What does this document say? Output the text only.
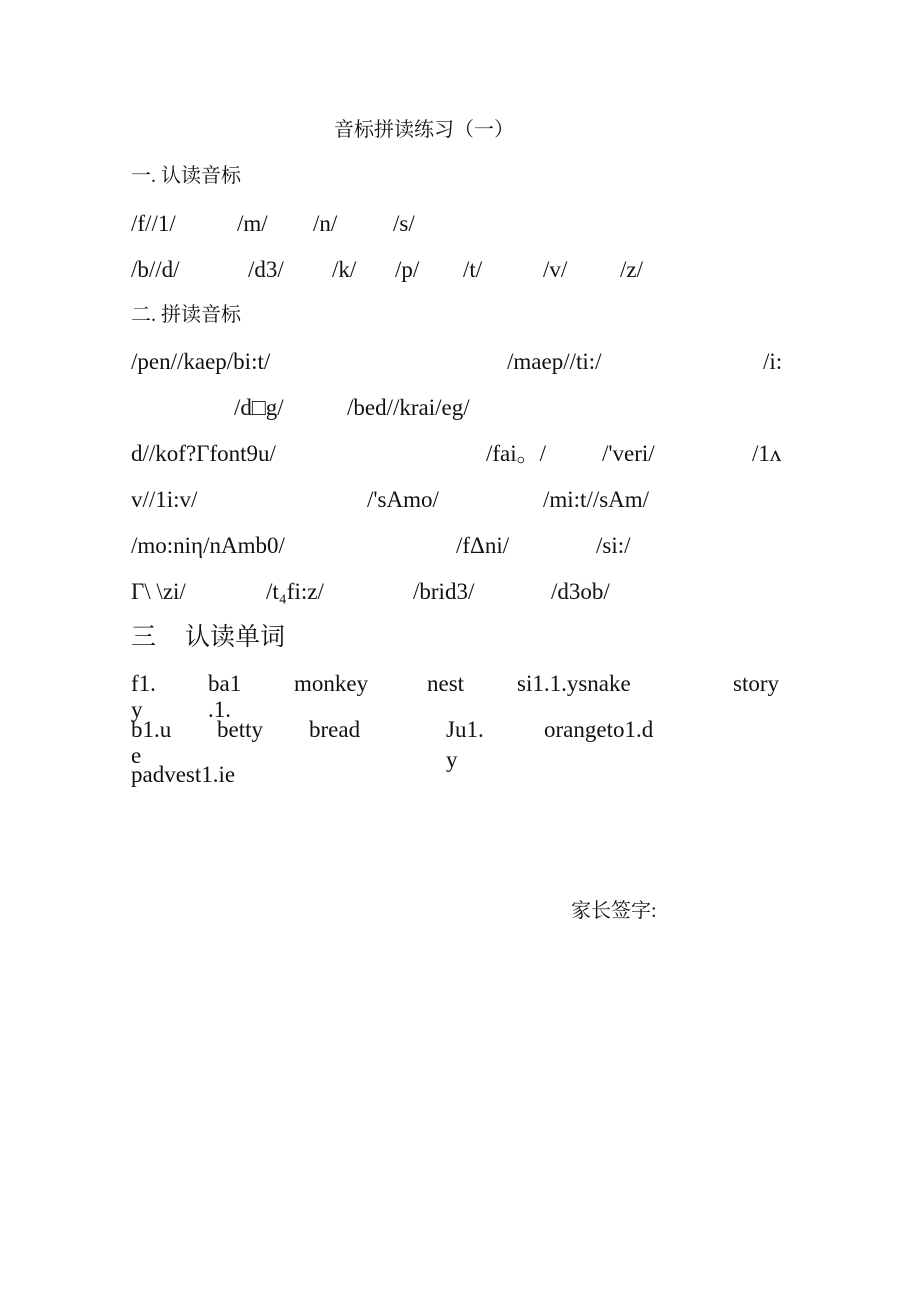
音标拼读练习（一）
一. 认读音标
/f//1/	/m/ /n/ /s/
/b//d/	/d3/ /k/ /p/ /t/	/v/ /z/
二. 拼读音标
/pen//kaep/bi:t/	/maep//ti:/	/i:
/d□g/	/bed//krai/eg/
d//kof?Γfont9u/	/fai。/ /'veri/	/1ʌ
v//1i:v/	/'sAmo/	/mi:t//sAm/
/mo:niη/nAmb0/	/fΔni/	/si:/
Γ\ \zi/	/t₄fi:z/	/brid3/	/d3ob/
三 认读单词
f1. ba1 monkey	nest si1.1.ysnake	story
y	.1.
b1.u betty bread	Ju1.	orangeto1.d
e	y
padvest1.ie
家长签字:
